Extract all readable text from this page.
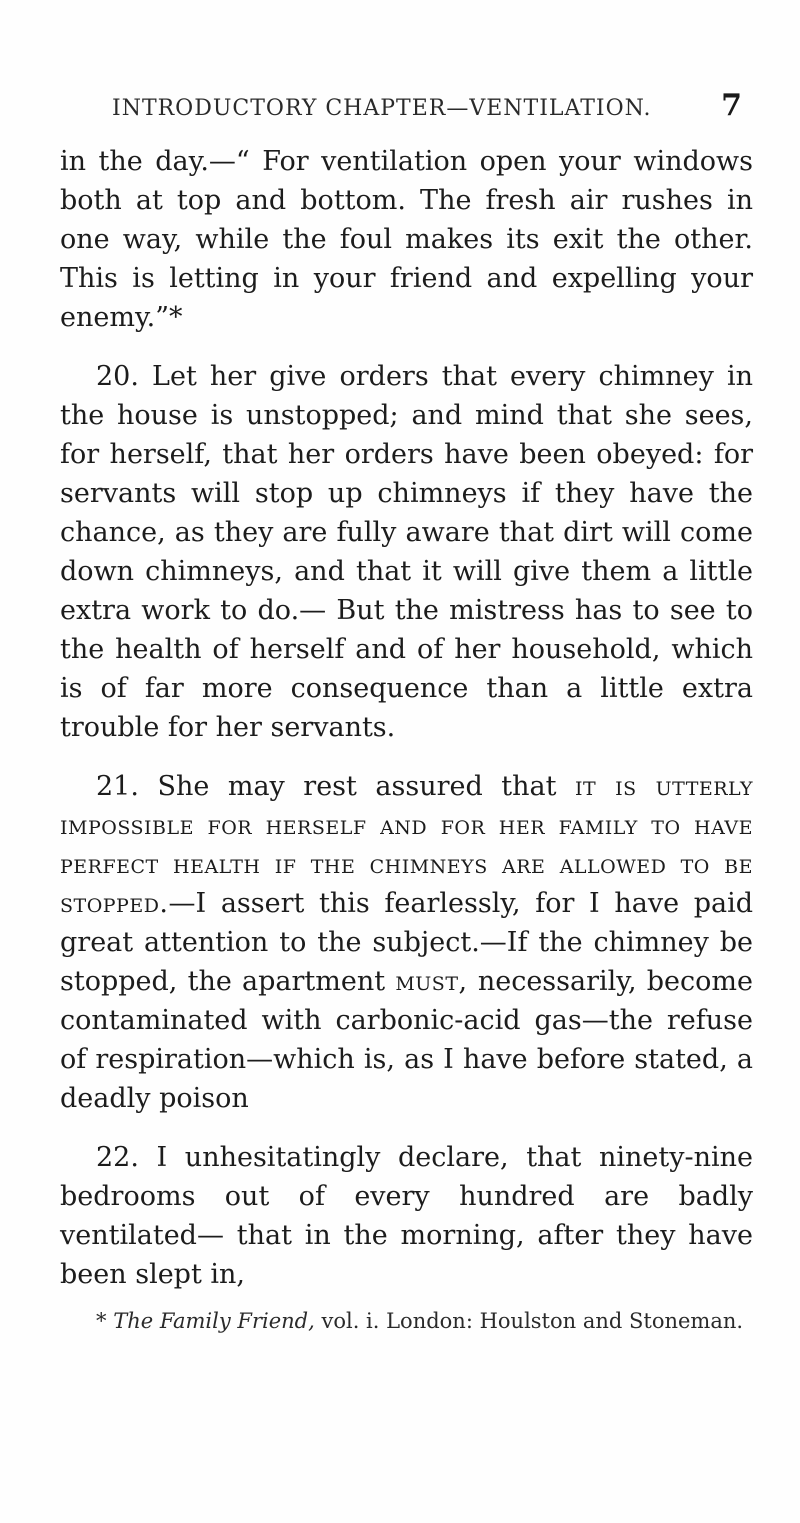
INTRODUCTORY CHAPTER—VENTILATION. 7

in the day.—“ For ventilation open your windows both at top and bottom. The fresh air rushes in one way, while the foul makes its exit the other. This is letting in your friend and expelling your enemy.”*

20. Let her give orders that every chimney in the house is unstopped; and mind that she sees, for herself, that her orders have been obeyed: for servants will stop up chimneys if they have the chance, as they are fully aware that dirt will come down chimneys, and that it will give them a little extra work to do.— But the mistress has to see to the health of herself and of her household, which is of far more consequence than a little extra trouble for her servants.

21. She may rest assured that it is utterly impossible for herself and for her family to have perfect health if the chimneys are allowed to be stopped.—I assert this fearlessly, for I have paid great attention to the subject.—If the chimney be stopped, the apartment must, necessarily, become contaminated with carbonic-acid gas—the refuse of respiration—which is, as I have before stated, a deadly poison

22. I unhesitatingly declare, that ninety-nine bedrooms out of every hundred are badly ventilated— that in the morning, after they have been slept in,

* The Family Friend, vol. i. London: Houlston and Stoneman.
